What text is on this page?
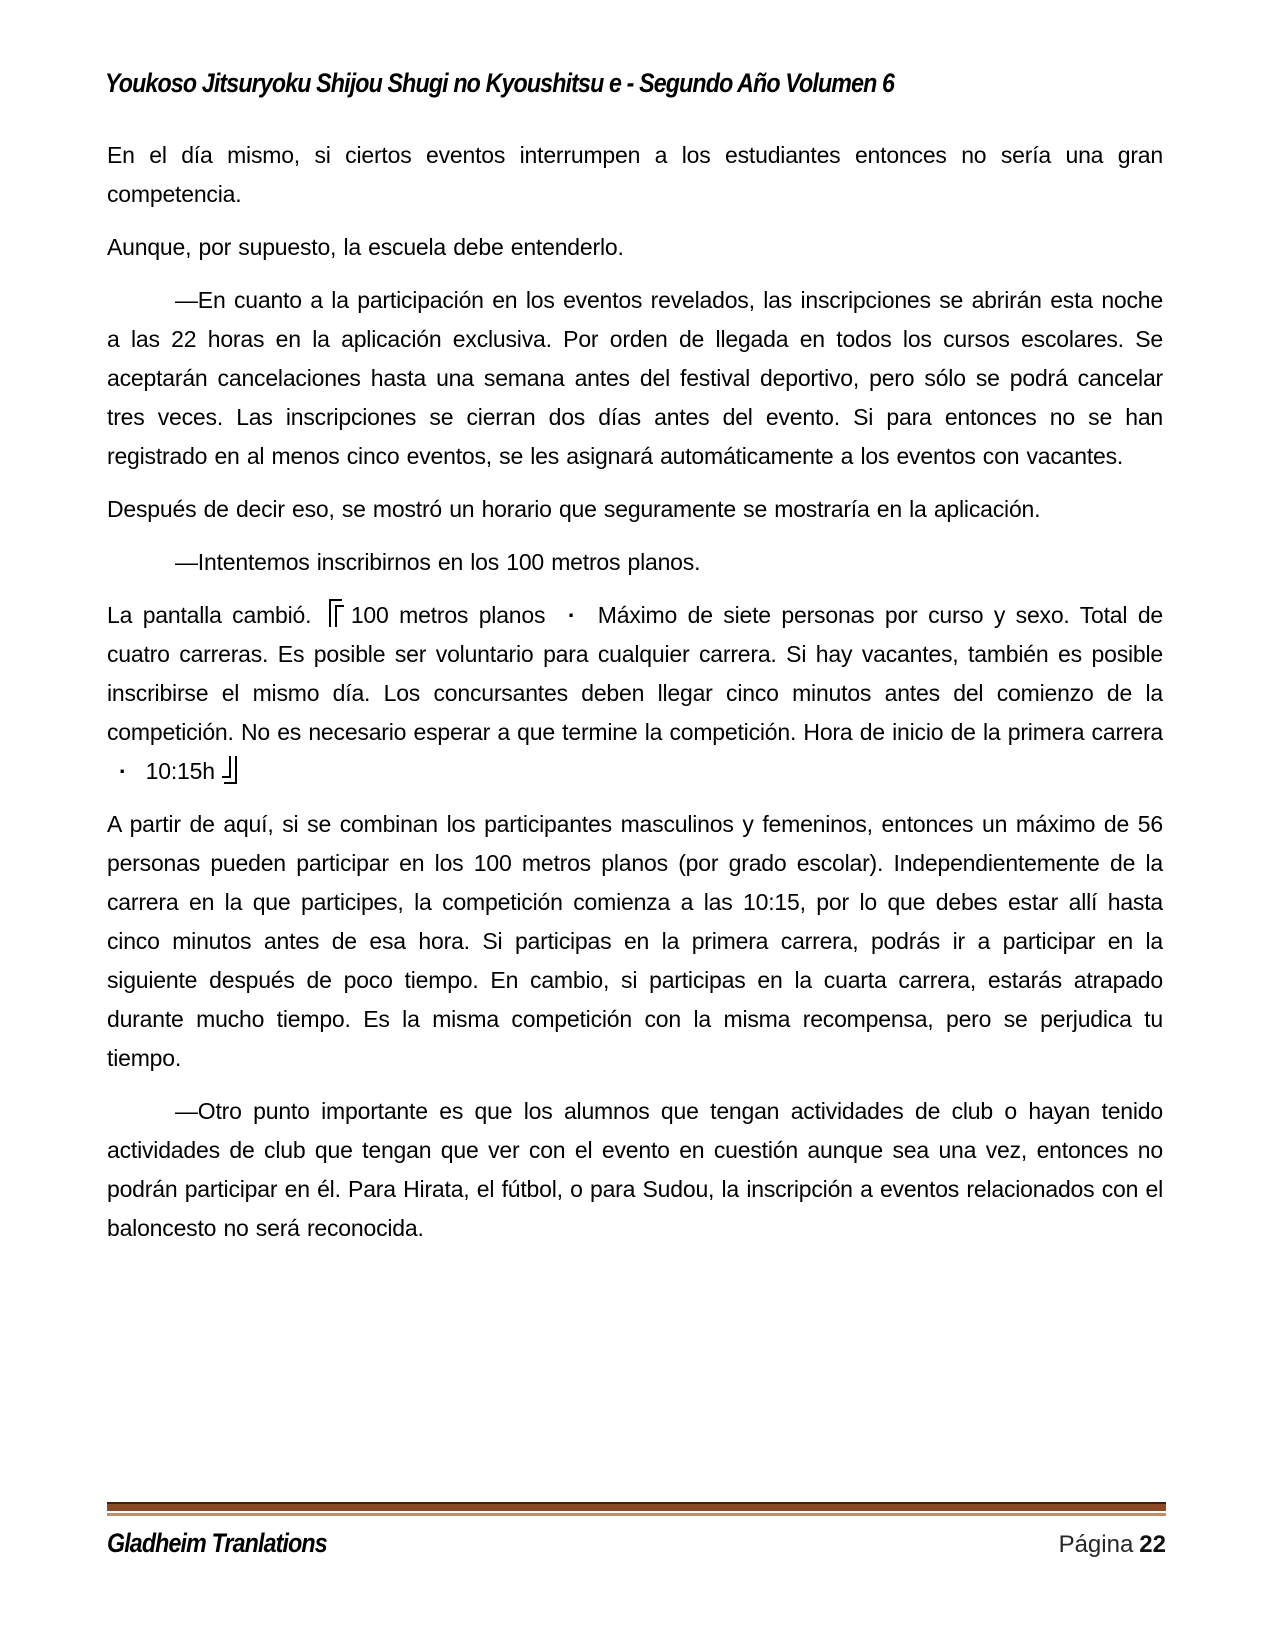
Youkoso Jitsuryoku Shijou Shugi no Kyoushitsu e - Segundo Año Volumen 6

En el día mismo, si ciertos eventos interrumpen a los estudiantes entonces no sería una gran competencia.

Aunque, por supuesto, la escuela debe entenderlo.

—En cuanto a la participación en los eventos revelados, las inscripciones se abrirán esta noche a las 22 horas en la aplicación exclusiva. Por orden de llegada en todos los cursos escolares. Se aceptarán cancelaciones hasta una semana antes del festival deportivo, pero sólo se podrá cancelar tres veces. Las inscripciones se cierran dos días antes del evento. Si para entonces no se han registrado en al menos cinco eventos, se les asignará automáticamente a los eventos con vacantes.

Después de decir eso, se mostró un horario que seguramente se mostraría en la aplicación.

—Intentemos inscribirnos en los 100 metros planos.

La pantalla cambió. 100 metros planos · Máximo de siete personas por curso y sexo. Total de cuatro carreras. Es posible ser voluntario para cualquier carrera. Si hay vacantes, también es posible inscribirse el mismo día. Los concursantes deben llegar cinco minutos antes del comienzo de la competición. No es necesario esperar a que termine la competición. Hora de inicio de la primera carrera · 10:15h

A partir de aquí, si se combinan los participantes masculinos y femeninos, entonces un máximo de 56 personas pueden participar en los 100 metros planos (por grado escolar). Independientemente de la carrera en la que participes, la competición comienza a las 10:15, por lo que debes estar allí hasta cinco minutos antes de esa hora. Si participas en la primera carrera, podrás ir a participar en la siguiente después de poco tiempo. En cambio, si participas en la cuarta carrera, estarás atrapado durante mucho tiempo. Es la misma competición con la misma recompensa, pero se perjudica tu tiempo.

—Otro punto importante es que los alumnos que tengan actividades de club o hayan tenido actividades de club que tengan que ver con el evento en cuestión aunque sea una vez, entonces no podrán participar en él. Para Hirata, el fútbol, o para Sudou, la inscripción a eventos relacionados con el baloncesto no será reconocida.

Gladheim Tranlations	Página 22
